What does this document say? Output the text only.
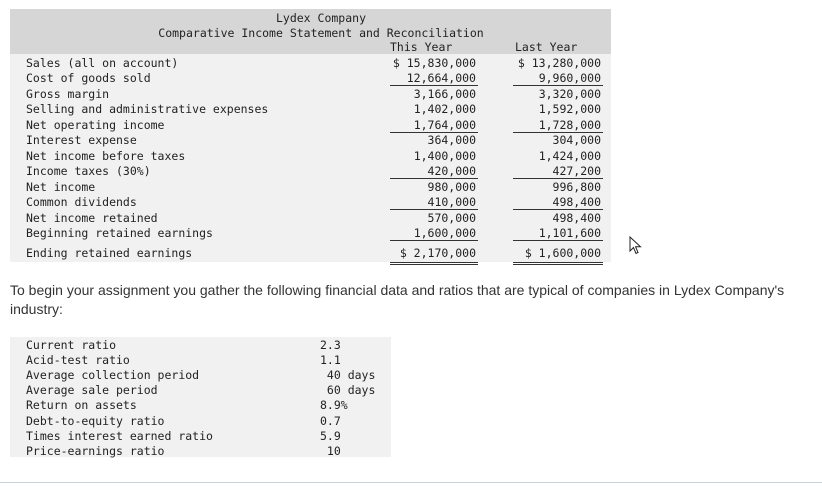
Lydex Company
Comparative Income Statement and Reconciliation
This Year	Last Year
Sales (all on account)	$ 15,830,000	$ 13,280,000
Cost of goods sold	12,664,000	9,960,000
Gross margin	3,166,000	3,320,000
Selling and administrative expenses	1,402,000	1,592,000
Net operating income	1,764,000	1,728,000
Interest expense	364,000	304,000
Net income before taxes	1,400,000	1,424,000
Income taxes (30%)	420,000	427,200
Net income	980,000	996,800
Common dividends	410,000	498,400
Net income retained	570,000	498,400
Beginning retained earnings	1,600,000	1,101,600
Ending retained earnings	$ 2,170,000	$ 1,600,000
To begin your assignment you gather the following financial data and ratios that are typical of companies in Lydex Company's industry:
Current ratio	2.3
Acid-test ratio	1.1
Average collection period	40 days
Average sale period	60 days
Return on assets	8.9%
Debt-to-equity ratio	0.7
Times interest earned ratio	5.9
Price-earnings ratio	10
